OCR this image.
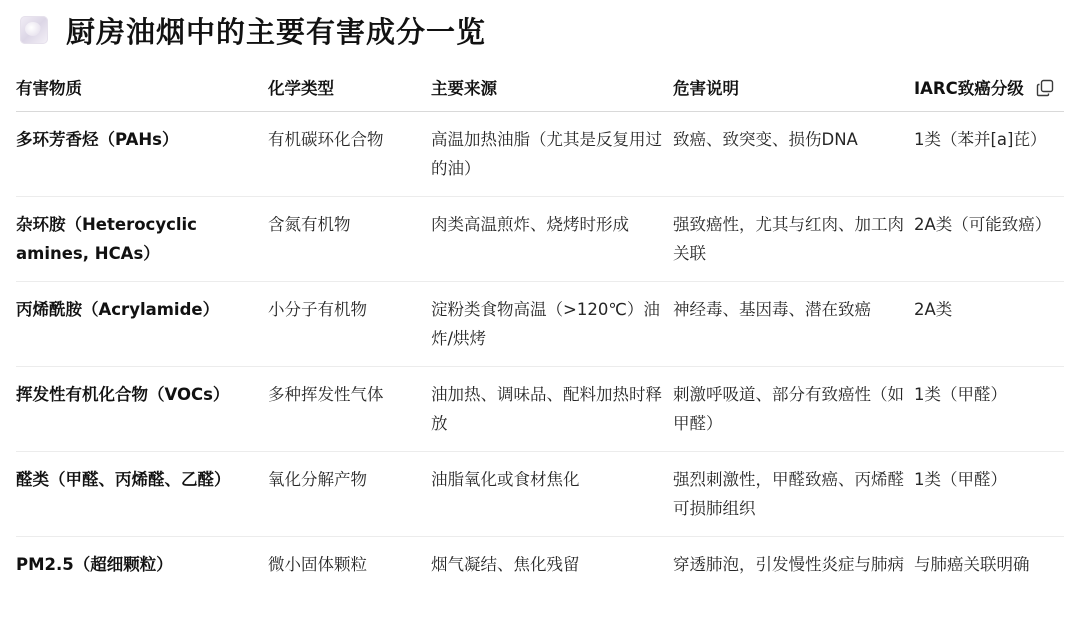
厨房油烟中的主要有害成分一览
有害物质	化学类型	主要来源	危害说明	IARC致癌分级
多环芳香烃（PAHs）	有机碳环化合物	高温加热油脂（尤其是反复用过的油）	致癌、致突变、损伤DNA	1类（苯并[a]芘）
杂环胺（Heterocyclic amines, HCAs）	含氮有机物	肉类高温煎炸、烧烤时形成	强致癌性，尤其与红肉、加工肉关联	2A类（可能致癌）
丙烯酰胺（Acrylamide）	小分子有机物	淀粉类食物高温（>120℃）油炸/烘烤	神经毒、基因毒、潜在致癌	2A类
挥发性有机化合物（VOCs）	多种挥发性气体	油加热、调味品、配料加热时释放	刺激呼吸道、部分有致癌性（如甲醛）	1类（甲醛）
醛类（甲醛、丙烯醛、乙醛）	氧化分解产物	油脂氧化或食材焦化	强烈刺激性，甲醛致癌、丙烯醛可损肺组织	1类（甲醛）
PM2.5（超细颗粒）	微小固体颗粒	烟气凝结、焦化残留	穿透肺泡，引发慢性炎症与肺病	与肺癌关联明确
